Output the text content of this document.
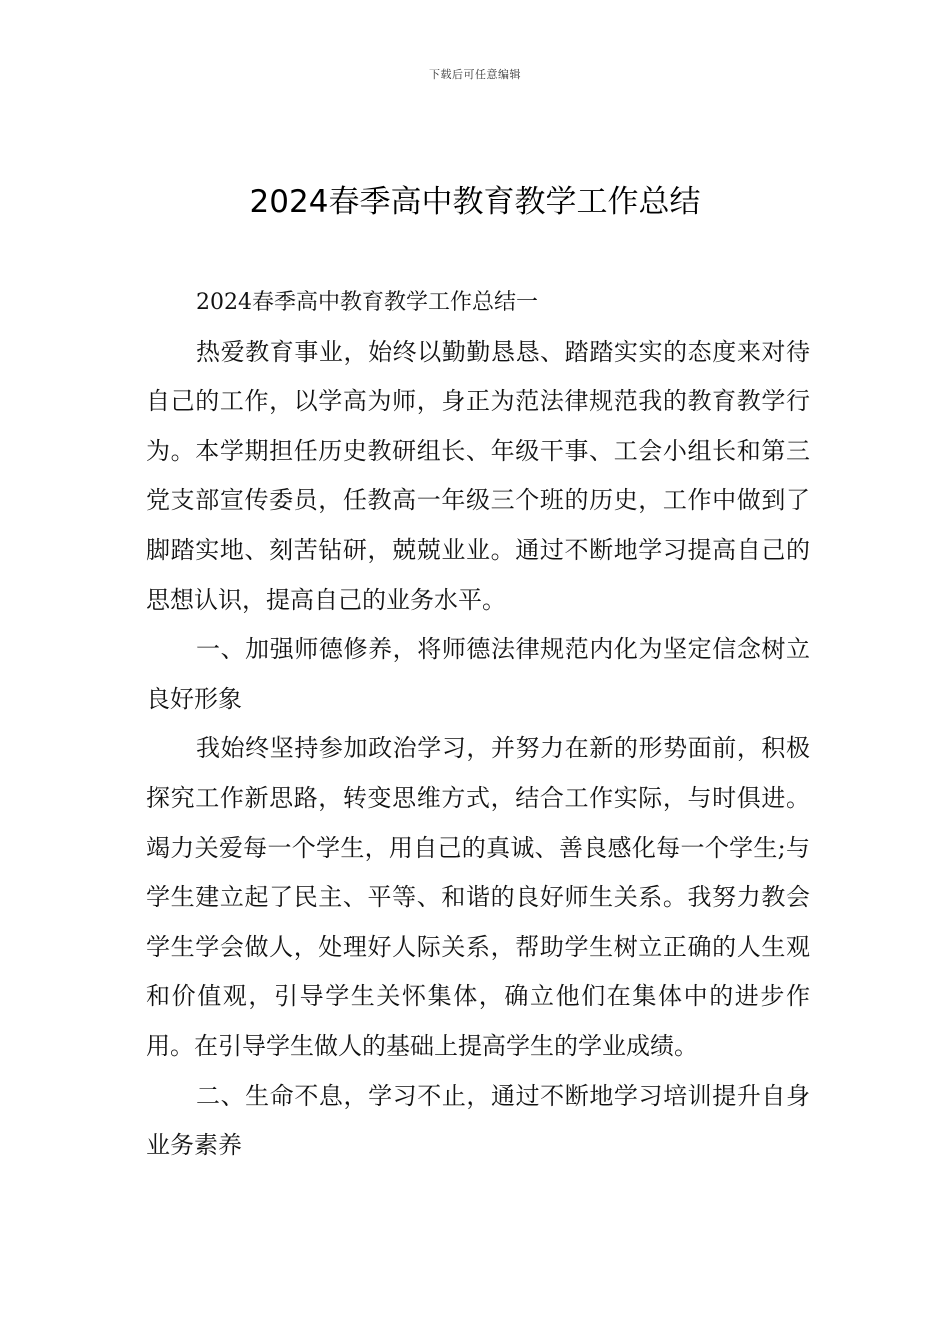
下载后可任意编辑
2024春季高中教育教学工作总结

2024春季高中教育教学工作总结一

热爱教育事业，始终以勤勤恳恳、踏踏实实的态度来对待自己的工作，以学高为师，身正为范法律规范我的教育教学行为。本学期担任历史教研组长、年级干事、工会小组长和第三党支部宣传委员，任教高一年级三个班的历史，工作中做到了脚踏实地、刻苦钻研，兢兢业业。通过不断地学习提高自己的思想认识，提高自己的业务水平。

一、加强师德修养，将师德法律规范内化为坚定信念树立良好形象

我始终坚持参加政治学习，并努力在新的形势面前，积极探究工作新思路，转变思维方式，结合工作实际，与时俱进。竭力关爱每一个学生，用自己的真诚、善良感化每一个学生;与学生建立起了民主、平等、和谐的良好师生关系。我努力教会学生学会做人，处理好人际关系，帮助学生树立正确的人生观和价值观，引导学生关怀集体，确立他们在集体中的进步作用。在引导学生做人的基础上提高学生的学业成绩。

二、生命不息，学习不止，通过不断地学习培训提升自身业务素养
